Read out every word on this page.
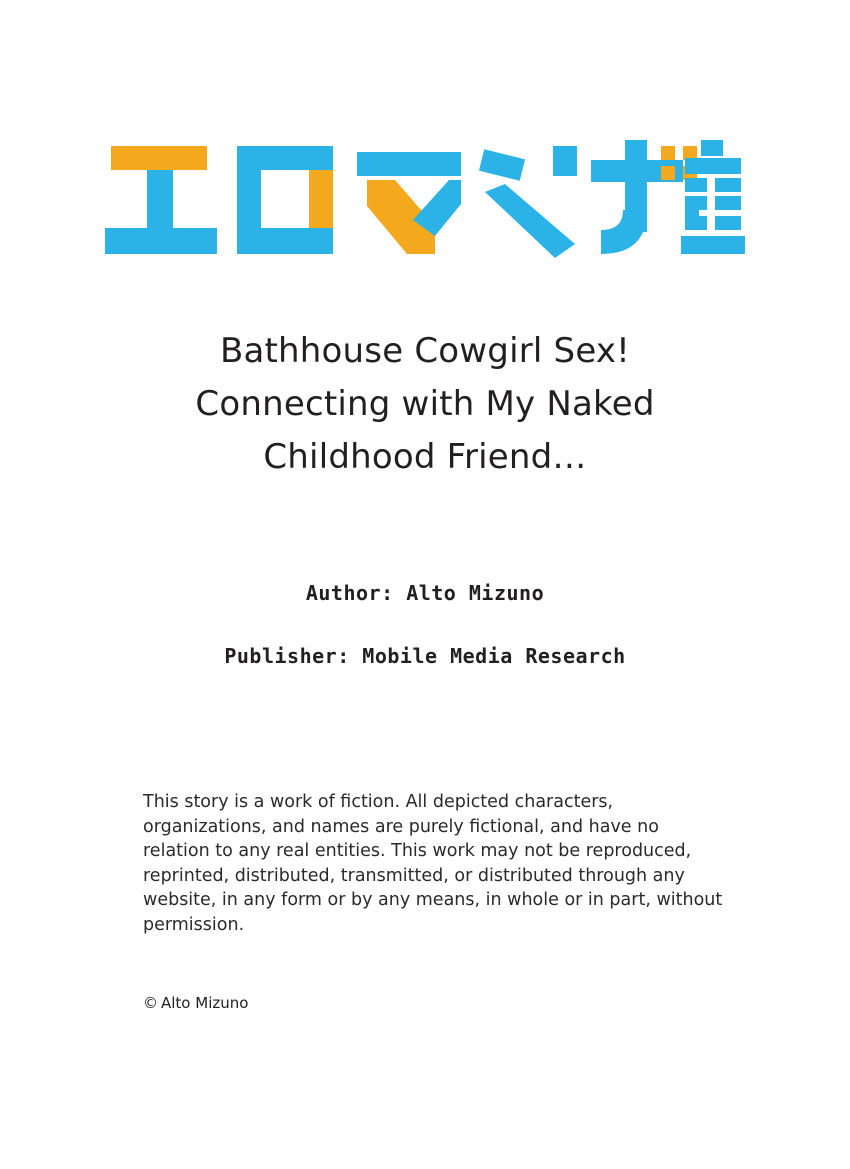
Bathhouse Cowgirl Sex!
Connecting with My Naked
Childhood Friend…
Author: Alto Mizuno
Publisher: Mobile Media Research
This story is a work of fiction. All depicted characters, organizations, and names are purely fictional, and have no relation to any real entities. This work may not be reproduced, reprinted, distributed, transmitted, or distributed through any website, in any form or by any means, in whole or in part, without permission.
© Alto Mizuno
